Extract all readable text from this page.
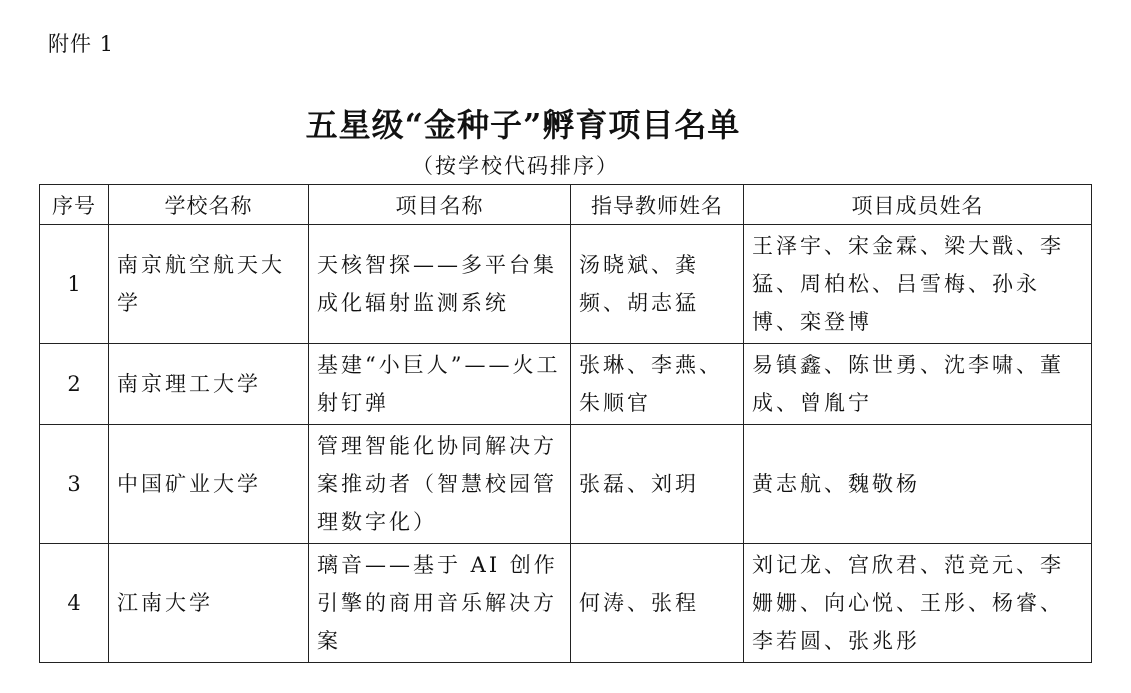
附件 1
五星级“金种子”孵育项目名单
（按学校代码排序）
序号	学校名称	项目名称	指导教师姓名	项目成员姓名
1	南京航空航天大学	天核智探——多平台集成化辐射监测系统	汤晓斌、龚频、胡志猛	王泽宇、宋金霖、梁大戬、李猛、周柏松、吕雪梅、孙永博、栾登博
2	南京理工大学	基建“小巨人”——火工射钉弹	张琳、李燕、朱顺官	易镇鑫、陈世勇、沈李啸、董成、曾胤宁
3	中国矿业大学	管理智能化协同解决方案推动者（智慧校园管理数字化）	张磊、刘玥	黄志航、魏敬杨
4	江南大学	璃音——基于 AI 创作引擎的商用音乐解决方案	何涛、张程	刘记龙、宫欣君、范竞元、李姗姗、向心悦、王彤、杨睿、李若圆、张兆彤
